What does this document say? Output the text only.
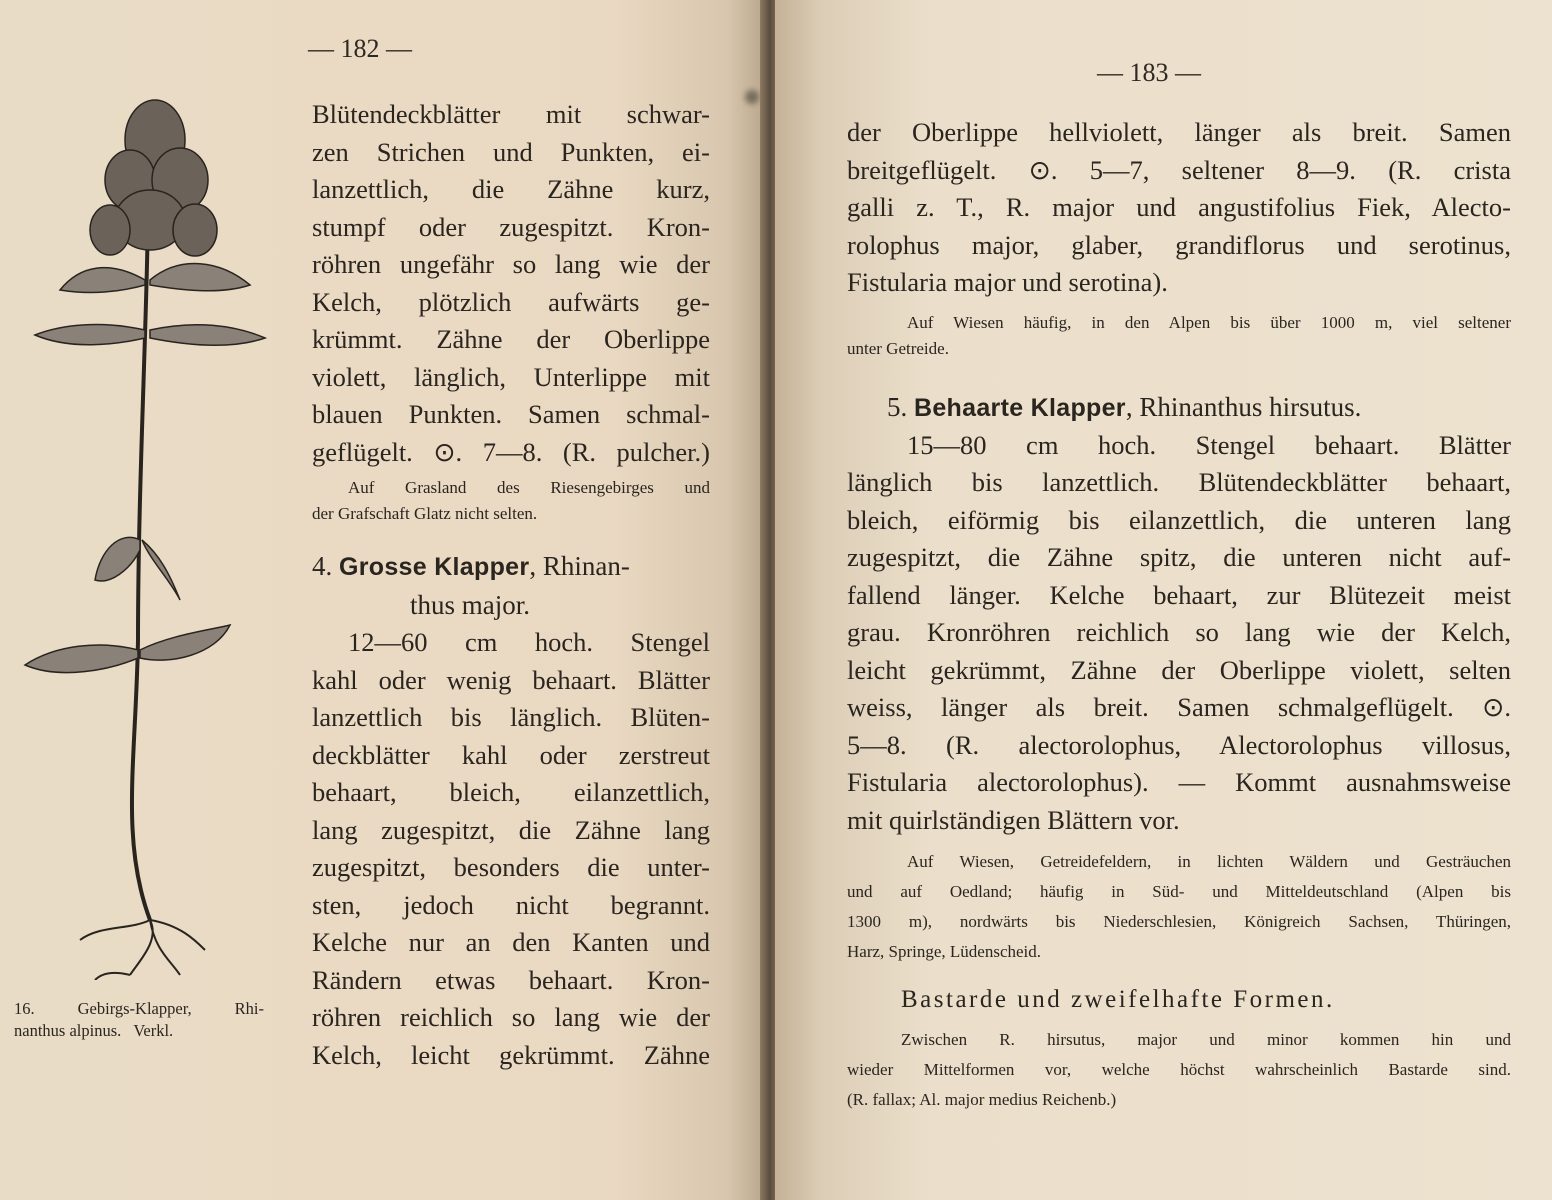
— 182 —
16. Gebirgs-Klapper, Rhi-
nanthus alpinus.   Verkl.
Blütendeckblätter mit schwar-
zen Strichen und Punkten, ei-
lanzettlich, die Zähne kurz,
stumpf oder zugespitzt. Kron-
röhren ungefähr so lang wie der
Kelch, plötzlich aufwärts ge-
krümmt. Zähne der Oberlippe
violett, länglich, Unterlippe mit
blauen Punkten. Samen schmal-
geflügelt. ⊙. 7—8. (R. pulcher.)
Auf Grasland des Riesengebirges und
der Grafschaft Glatz nicht selten.
4. Grosse Klapper, Rhinan-
thus major.
12—60 cm hoch. Stengel
kahl oder wenig behaart. Blätter
lanzettlich bis länglich. Blüten-
deckblätter kahl oder zerstreut
behaart, bleich, eilanzettlich,
lang zugespitzt, die Zähne lang
zugespitzt, besonders die unter-
sten, jedoch nicht begrannt.
Kelche nur an den Kanten und
Rändern etwas behaart. Kron-
röhren reichlich so lang wie der
Kelch, leicht gekrümmt. Zähne
— 183 —
der Oberlippe hellviolett, länger als breit. Samen
breitgeflügelt. ⊙. 5—7, seltener 8—9. (R. crista
galli z. T., R. major und angustifolius Fiek, Alecto-
rolophus major, glaber, grandiflorus und serotinus,
Fistularia major und serotina).
Auf Wiesen häufig, in den Alpen bis über 1000 m, viel seltener
unter Getreide.
5. Behaarte Klapper, Rhinanthus hirsutus.
15—80 cm hoch. Stengel behaart. Blätter
länglich bis lanzettlich. Blütendeckblätter behaart,
bleich, eiförmig bis eilanzettlich, die unteren lang
zugespitzt, die Zähne spitz, die unteren nicht auf-
fallend länger. Kelche behaart, zur Blütezeit meist
grau. Kronröhren reichlich so lang wie der Kelch,
leicht gekrümmt, Zähne der Oberlippe violett, selten
weiss, länger als breit. Samen schmalgeflügelt. ⊙.
5—8. (R. alectorolophus, Alectorolophus villosus,
Fistularia alectorolophus). — Kommt ausnahmsweise
mit quirlständigen Blättern vor.
Auf Wiesen, Getreidefeldern, in lichten Wäldern und Gesträuchen
und auf Oedland; häufig in Süd- und Mitteldeutschland (Alpen bis
1300 m), nordwärts bis Niederschlesien, Königreich Sachsen, Thüringen,
Harz, Springe, Lüdenscheid.
Bastarde und zweifelhafte Formen.
Zwischen R. hirsutus, major und minor kommen hin und
wieder Mittelformen vor, welche höchst wahrscheinlich Bastarde sind.
(R. fallax; Al. major medius Reichenb.)
